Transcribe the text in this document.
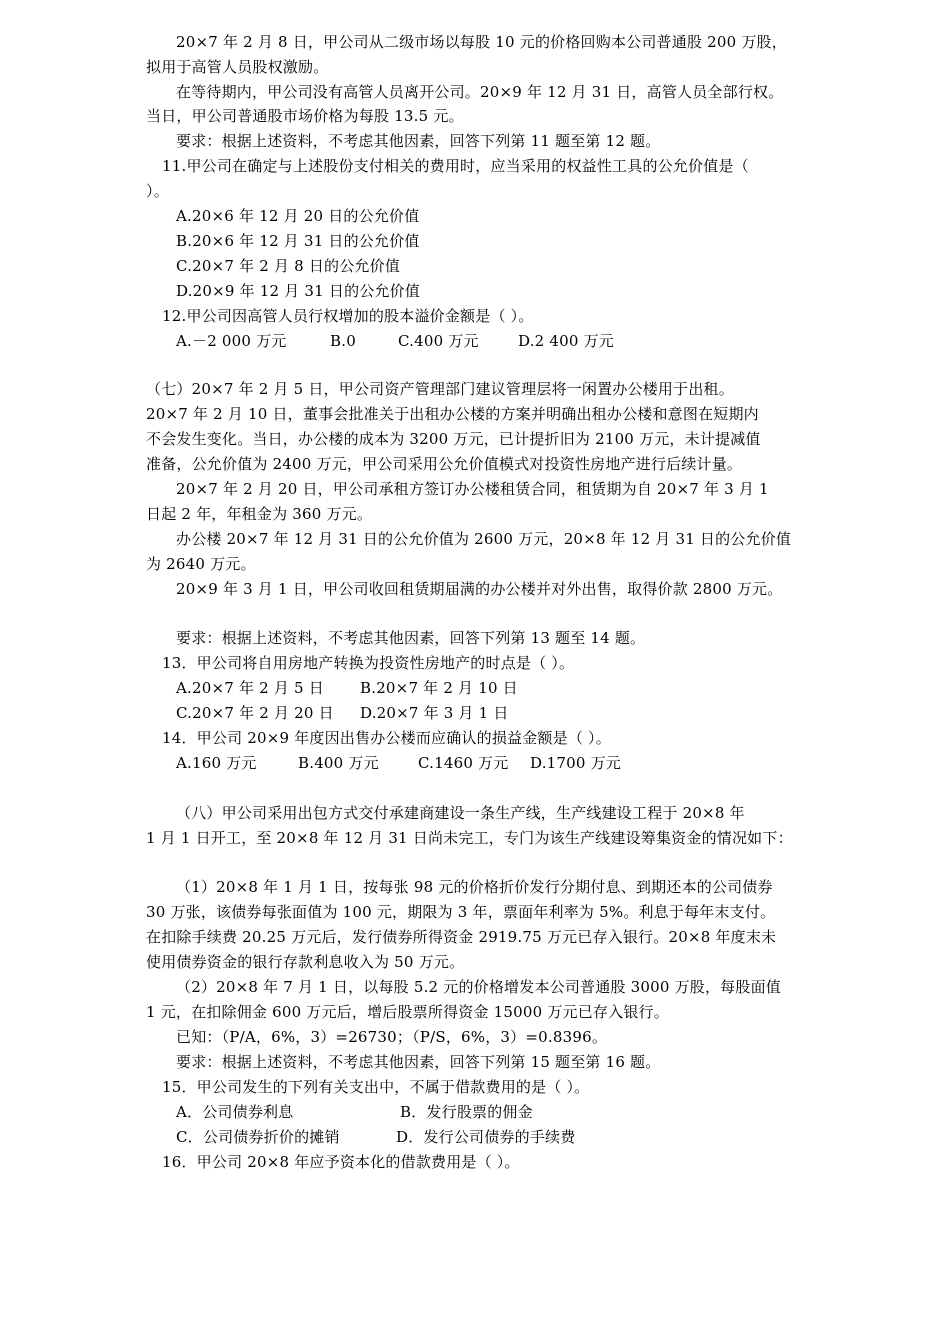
20×7 年 2 月 8 日，甲公司从二级市场以每股 10 元的价格回购本公司普通股 200 万股，
拟用于高管人员股权激励。
在等待期内，甲公司没有高管人员离开公司。20×9 年 12 月 31 日，高管人员全部行权。
当日，甲公司普通股市场价格为每股 13.5 元。
要求：根据上述资料，不考虑其他因素，回答下列第 11 题至第 12 题。
11.甲公司在确定与上述股份支付相关的费用时，应当采用的权益性工具的公允价值是（
）。
A.20×6 年 12 月 20 日的公允价值
B.20×6 年 12 月 31 日的公允价值
C.20×7 年 2 月 8 日的公允价值
D.20×9 年 12 月 31 日的公允价值
12.甲公司因高管人员行权增加的股本溢价金额是（ ）。
A.－2 000 万元	B.0	C.400 万元	D.2 400 万元
（七）20×7 年 2 月 5 日，甲公司资产管理部门建议管理层将一闲置办公楼用于出租。
20×7 年 2 月 10 日，董事会批准关于出租办公楼的方案并明确出租办公楼和意图在短期内
不会发生变化。当日，办公楼的成本为 3200 万元，已计提折旧为 2100 万元，未计提减值
准备，公允价值为 2400 万元，甲公司采用公允价值模式对投资性房地产进行后续计量。
20×7 年 2 月 20 日，甲公司承租方签订办公楼租赁合同，租赁期为自 20×7 年 3 月 1
日起 2 年，年租金为 360 万元。
办公楼 20×7 年 12 月 31 日的公允价值为 2600 万元，20×8 年 12 月 31 日的公允价值
为 2640 万元。
20×9 年 3 月 1 日，甲公司收回租赁期届满的办公楼并对外出售，取得价款 2800 万元。
要求：根据上述资料，不考虑其他因素，回答下列第 13 题至 14 题。
13．甲公司将自用房地产转换为投资性房地产的时点是（ ）。
A.20×7 年 2 月 5 日 B.20×7 年 2 月 10 日
C.20×7 年 2 月 20 日 D.20×7 年 3 月 1 日
14．甲公司 20×9 年度因出售办公楼而应确认的损益金额是（ ）。
A.160 万元	B.400 万元	C.1460 万元 D.1700 万元
（八）甲公司采用出包方式交付承建商建设一条生产线，生产线建设工程于 20×8 年
1 月 1 日开工，至 20×8 年 12 月 31 日尚未完工，专门为该生产线建设筹集资金的情况如下：
（1）20×8 年 1 月 1 日，按每张 98 元的价格折价发行分期付息、到期还本的公司债券
30 万张，该债券每张面值为 100 元，期限为 3 年，票面年利率为 5%。利息于每年末支付。
在扣除手续费 20.25 万元后，发行债券所得资金 2919.75 万元已存入银行。20×8 年度末未
使用债券资金的银行存款利息收入为 50 万元。
（2）20×8 年 7 月 1 日，以每股 5.2 元的价格增发本公司普通股 3000 万股，每股面值
1 元，在扣除佣金 600 万元后，增后股票所得资金 15000 万元已存入银行。
已知：（P/A，6%，3）=26730；（P/S，6%，3）=0.8396。
要求：根据上述资料，不考虑其他因素，回答下列第 15 题至第 16 题。
15．甲公司发生的下列有关支出中，不属于借款费用的是（ ）。
A．公司债券利息	B．发行股票的佣金
C．公司债券折价的摊销	D．发行公司债券的手续费
16．甲公司 20×8 年应予资本化的借款费用是（ ）。
